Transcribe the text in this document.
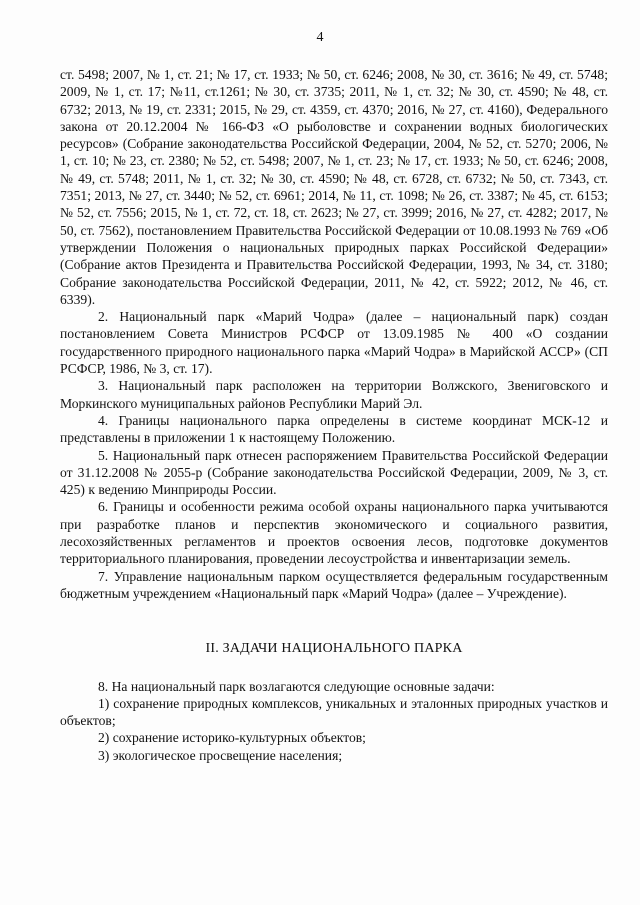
4

ст. 5498; 2007, № 1, ст. 21; № 17, ст. 1933; № 50, ст. 6246; 2008, № 30, ст. 3616; № 49, ст. 5748; 2009, № 1, ст. 17; №11, ст.1261; № 30, ст. 3735; 2011, № 1, ст. 32; № 30, ст. 4590; № 48, ст. 6732; 2013, № 19, ст. 2331; 2015, № 29, ст. 4359, ст. 4370; 2016, № 27, ст. 4160), Федерального закона от 20.12.2004 № 166-ФЗ «О рыболовстве и сохранении водных биологических ресурсов» (Собрание законодательства Российской Федерации, 2004, № 52, ст. 5270; 2006, № 1, ст. 10; № 23, ст. 2380; № 52, ст. 5498; 2007, № 1, ст. 23; № 17, ст. 1933; № 50, ст. 6246; 2008, № 49, ст. 5748; 2011, № 1, ст. 32; № 30, ст. 4590; № 48, ст. 6728, ст. 6732; № 50, ст. 7343, ст. 7351; 2013, № 27, ст. 3440; № 52, ст. 6961; 2014, № 11, ст. 1098; № 26, ст. 3387; № 45, ст. 6153; № 52, ст. 7556; 2015, № 1, ст. 72, ст. 18, ст. 2623; № 27, ст. 3999; 2016, № 27, ст. 4282; 2017, № 50, ст. 7562), постановлением Правительства Российской Федерации от 10.08.1993 № 769 «Об утверждении Положения о национальных природных парках Российской Федерации» (Собрание актов Президента и Правительства Российской Федерации, 1993, № 34, ст. 3180; Собрание законодательства Российской Федерации, 2011, № 42, ст. 5922; 2012, № 46, ст. 6339).

2. Национальный парк «Марий Чодра» (далее – национальный парк) создан постановлением Совета Министров РСФСР от 13.09.1985 № 400 «О создании государственного природного национального парка «Марий Чодра» в Марийской АССР» (СП РСФСР, 1986, № 3, ст. 17).

3. Национальный парк расположен на территории Волжского, Звениговского и Моркинского муниципальных районов Республики Марий Эл.

4. Границы национального парка определены в системе координат МСК-12 и представлены в приложении 1 к настоящему Положению.

5. Национальный парк отнесен распоряжением Правительства Российской Федерации от 31.12.2008 № 2055-р (Собрание законодательства Российской Федерации, 2009, № 3, ст. 425) к ведению Минприроды России.

6. Границы и особенности режима особой охраны национального парка учитываются при разработке планов и перспектив экономического и социального развития, лесохозяйственных регламентов и проектов освоения лесов, подготовке документов территориального планирования, проведении лесоустройства и инвентаризации земель.

7. Управление национальным парком осуществляется федеральным государственным бюджетным учреждением «Национальный парк «Марий Чодра» (далее – Учреждение).

II. ЗАДАЧИ НАЦИОНАЛЬНОГО ПАРКА

8. На национальный парк возлагаются следующие основные задачи:

1) сохранение природных комплексов, уникальных и эталонных природных участков и объектов;

2) сохранение историко-культурных объектов;

3) экологическое просвещение населения;
